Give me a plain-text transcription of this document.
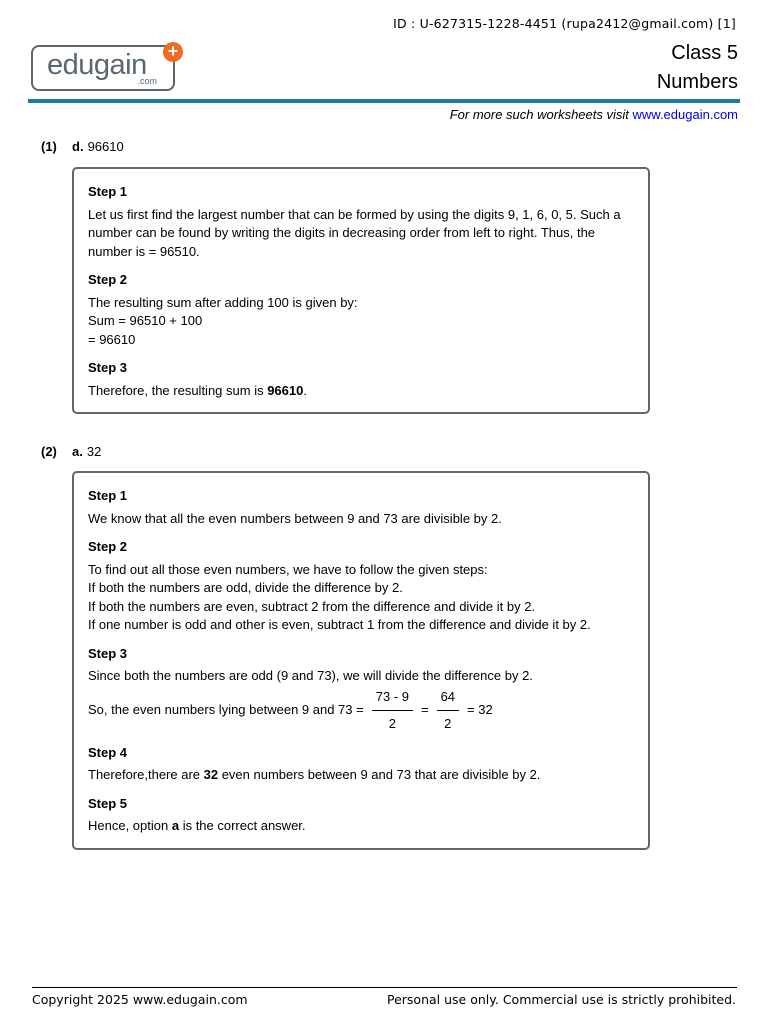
ID : U-627315-1228-4451 (rupa2412@gmail.com) [1]
edugain
.com
+	Class 5
Numbers
For more such worksheets visit www.edugain.com
(1) d. 96610
Step 1
Let us first find the largest number that can be formed by using the digits 9, 1, 6, 0, 5. Such a number can be found by writing the digits in decreasing order from left to right. Thus, the number is = 96510.
Step 2
The resulting sum after adding 100 is given by:
Sum = 96510 + 100
= 96610
Step 3
Therefore, the resulting sum is 96610.
(2) a. 32
Step 1
We know that all the even numbers between 9 and 73 are divisible by 2.
Step 2
To find out all those even numbers, we have to follow the given steps:
If both the numbers are odd, divide the difference by 2.
If both the numbers are even, subtract 2 from the difference and divide it by 2.
If one number is odd and other is even, subtract 1 from the difference and divide it by 2.
Step 3
Since both the numbers are odd (9 and 73), we will divide the difference by 2.
So, the even numbers lying between 9 and $73 = \frac{73 - 9}{2} = \frac{64}{2} = 32$
Step 4
Therefore,there are 32 even numbers between 9 and 73 that are divisible by 2.
Step 5
Hence, option a is the correct answer.
Copyright 2025 www.edugain.com	Personal use only. Commercial use is strictly prohibited.
